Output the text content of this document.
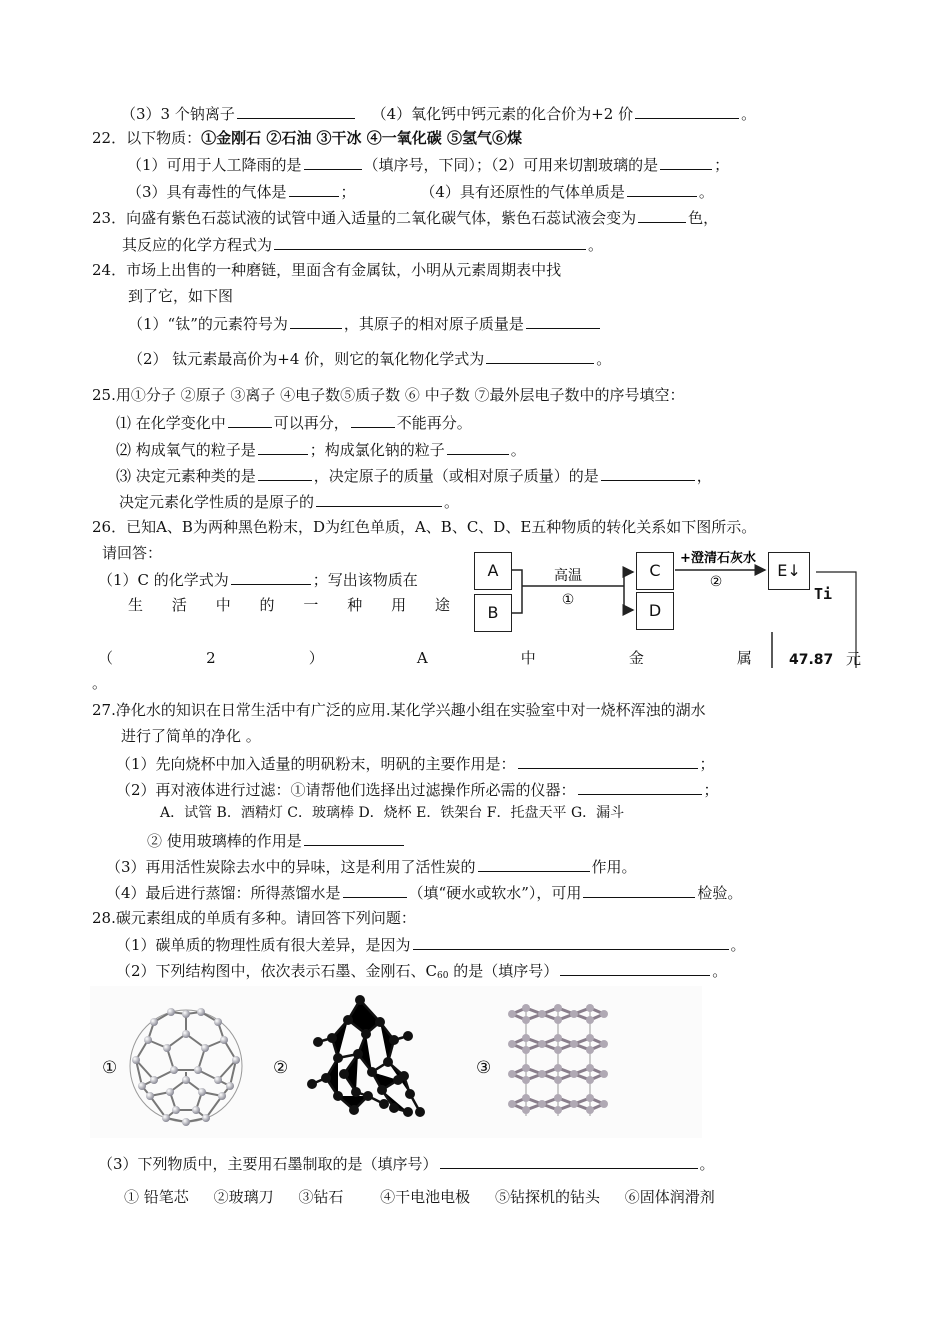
（3）3 个钠离子	（4）氧化钙中钙元素的化合价为+2 价	。
22．以下物质：①金刚石 ②石油 ③干冰 ④一氧化碳 ⑤氢气⑥煤
（1）可用于人工降雨的是	（填序号，下同）；（2）可用来切割玻璃的是	；
（3）具有毒性的气体是	；	（4）具有还原性的气体单质是	。
23．向盛有紫色石蕊试液的试管中通入适量的二氧化碳气体，紫色石蕊试液会变为	色，
其反应的化学方程式为	。
24．市场上出售的一种磨链，里面含有金属钛，小明从元素周期表中找
到了它，如下图
（1）“钛”的元素符号为	，其原子的相对原子质量是
（2） 钛元素最高价为+4 价，则它的氧化物化学式为	。
25.用①分子 ②原子 ③离子 ④电子数⑤质子数 ⑥ 中子数 ⑦最外层电子数中的序号填空：
⑴ 在化学变化中	可以再分，	不能再分。
⑵ 构成氧气的粒子是	；构成氯化钠的粒子	。
⑶ 决定元素种类的是	，决定原子的质量（或相对原子质量）的是	，
决定元素化学性质的是原子的	。
26．已知A、B为两种黑色粉末，D为红色单质，A、B、C、D、E五种物质的转化关系如下图所示。
请回答：
（1）C 的化学式为	；写出该物质在
生 活 中 的 一 种 用 途
（	2	）	A	中	金	属
。
A
B
C
D
E↓
高温
①
+澄清石灰水
②
Ti
47.87 元
27.净化水的知识在日常生活中有广泛的应用.某化学兴趣小组在实验室中对一烧杯浑浊的湖水
进行了简单的净化 。
（1）先向烧杯中加入适量的明矾粉末，明矾的主要作用是：	；
（2）再对液体进行过滤：①请帮他们选择出过滤操作所必需的仪器：	；
A．试管 B．酒精灯 C．玻璃棒 D．烧杯 E．铁架台 F．托盘天平 G．漏斗
② 使用玻璃棒的作用是
（3）再用活性炭除去水中的异味，这是利用了活性炭的	作用。
（4）最后进行蒸馏：所得蒸馏水是	（填“硬水或软水”），可用	检验。
28.碳元素组成的单质有多种。请回答下列问题：
（1）碳单质的物理性质有很大差异，是因为	。
（2）下列结构图中，依次表示石墨、金刚石、$C_{60}$ 的是（填序号）	。
①	②	③
（3）下列物质中，主要用石墨制取的是（填序号）	。
① 铅笔芯 ②玻璃刀 ③钻石 ④干电池电极 ⑤钻探机的钻头 ⑥固体润滑剂
